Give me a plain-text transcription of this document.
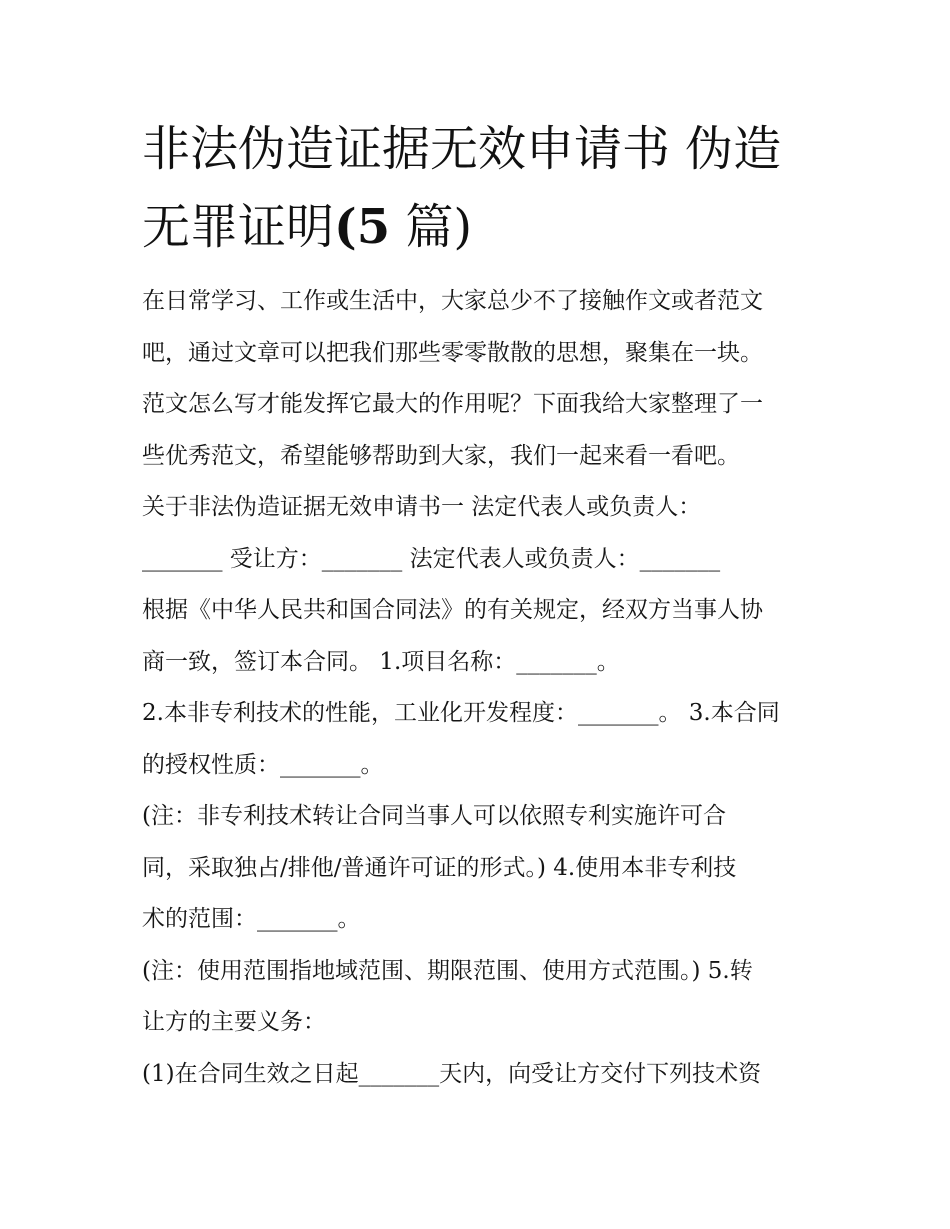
非法伪造证据无效申请书 伪造
无罪证明(5 篇)
在日常学习、工作或生活中，大家总少不了接触作文或者范文
吧，通过文章可以把我们那些零零散散的思想，聚集在一块。
范文怎么写才能发挥它最大的作用呢？下面我给大家整理了一
些优秀范文，希望能够帮助到大家，我们一起来看一看吧。
关于非法伪造证据无效申请书一 法定代表人或负责人：
_______ 受让方：_______ 法定代表人或负责人：_______
根据《中华人民共和国合同法》的有关规定，经双方当事人协
商一致，签订本合同。 1.项目名称：_______。
2.本非专利技术的性能，工业化开发程度：_______。 3.本合同
的授权性质：_______。
(注：非专利技术转让合同当事人可以依照专利实施许可合
同，采取独占/排他/普通许可证的形式。) 4.使用本非专利技
术的范围：_______。
(注：使用范围指地域范围、期限范围、使用方式范围。) 5.转
让方的主要义务：
(1)在合同生效之日起_______天内，向受让方交付下列技术资
